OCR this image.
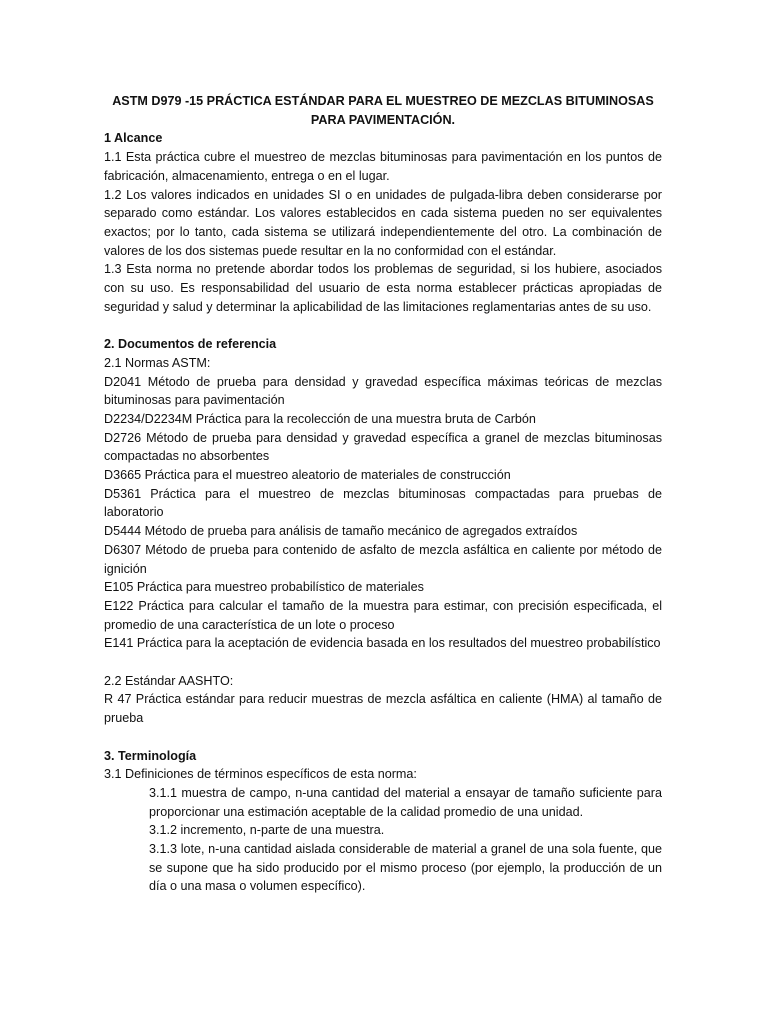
ASTM D979 -15 PRÁCTICA ESTÁNDAR PARA EL MUESTREO DE MEZCLAS BITUMINOSAS PARA PAVIMENTACIÓN.

1 Alcance

1.1 Esta práctica cubre el muestreo de mezclas bituminosas para pavimentación en los puntos de fabricación, almacenamiento, entrega o en el lugar.

1.2 Los valores indicados en unidades SI o en unidades de pulgada-libra deben considerarse por separado como estándar. Los valores establecidos en cada sistema pueden no ser equivalentes exactos; por lo tanto, cada sistema se utilizará independientemente del otro. La combinación de valores de los dos sistemas puede resultar en la no conformidad con el estándar.

1.3 Esta norma no pretende abordar todos los problemas de seguridad, si los hubiere, asociados con su uso. Es responsabilidad del usuario de esta norma establecer prácticas apropiadas de seguridad y salud y determinar la aplicabilidad de las limitaciones reglamentarias antes de su uso.

2. Documentos de referencia

2.1 Normas ASTM:

D2041 Método de prueba para densidad y gravedad específica máximas teóricas de mezclas bituminosas para pavimentación

D2234/D2234M Práctica para la recolección de una muestra bruta de Carbón

D2726 Método de prueba para densidad y gravedad específica a granel de mezclas bituminosas compactadas no absorbentes

D3665 Práctica para el muestreo aleatorio de materiales de construcción

D5361 Práctica para el muestreo de mezclas bituminosas compactadas para pruebas de laboratorio

D5444 Método de prueba para análisis de tamaño mecánico de agregados extraídos

D6307 Método de prueba para contenido de asfalto de mezcla asfáltica en caliente por método de ignición

E105 Práctica para muestreo probabilístico de materiales

E122 Práctica para calcular el tamaño de la muestra para estimar, con precisión especificada, el promedio de una característica de un lote o proceso

E141 Práctica para la aceptación de evidencia basada en los resultados del muestreo probabilístico

2.2 Estándar AASHTO:

R 47 Práctica estándar para reducir muestras de mezcla asfáltica en caliente (HMA) al tamaño de prueba

3. Terminología

3.1 Definiciones de términos específicos de esta norma:

3.1.1 muestra de campo, n-una cantidad del material a ensayar de tamaño suficiente para proporcionar una estimación aceptable de la calidad promedio de una unidad.

3.1.2 incremento, n-parte de una muestra.

3.1.3 lote, n-una cantidad aislada considerable de material a granel de una sola fuente, que se supone que ha sido producido por el mismo proceso (por ejemplo, la producción de un día o una masa o volumen específico).
